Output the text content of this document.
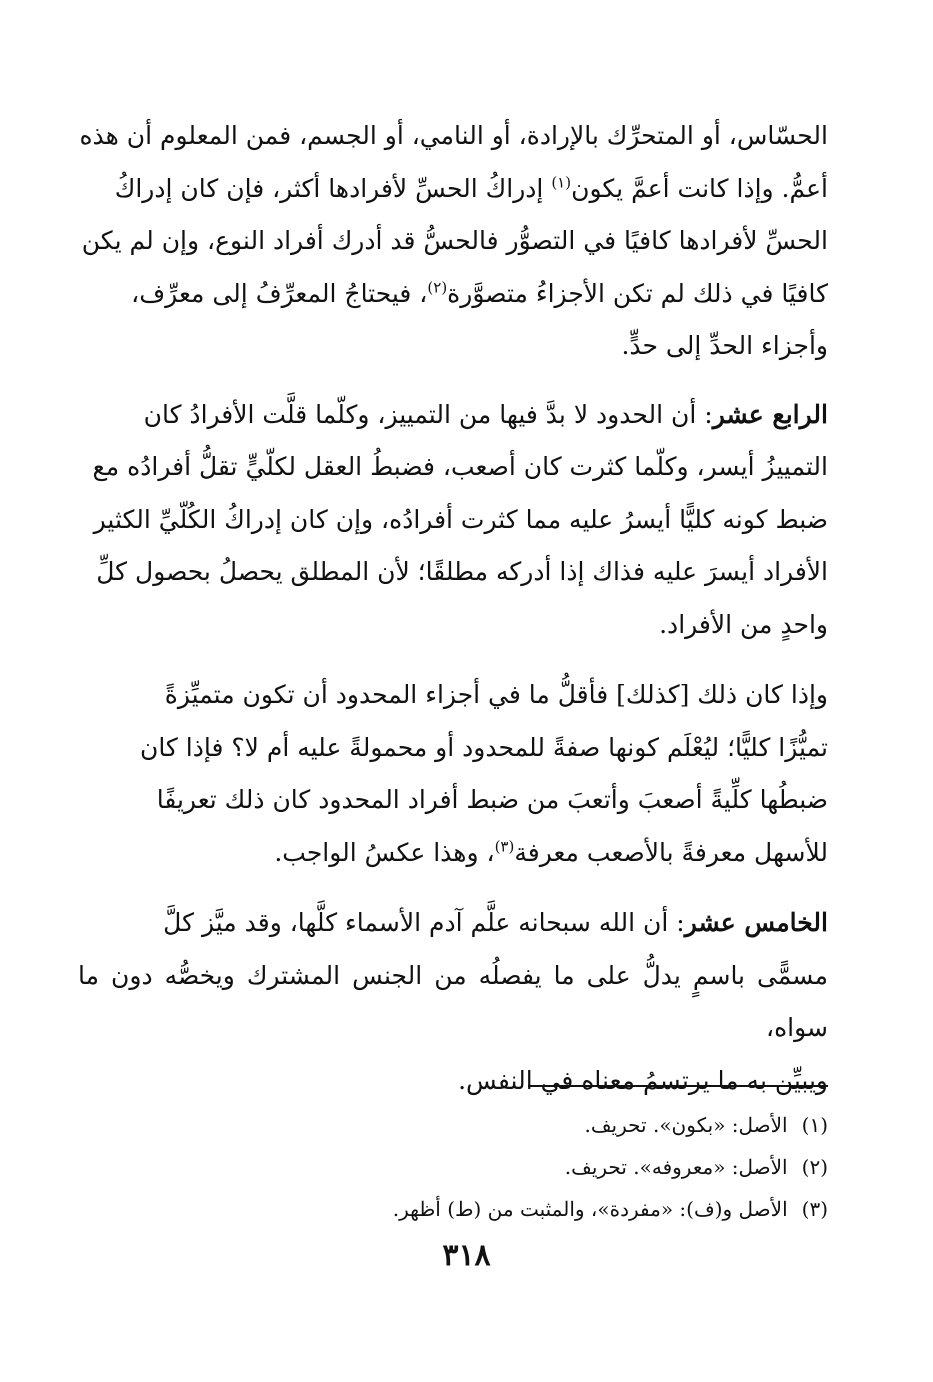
الحسّاس، أو المتحرِّك بالإرادة، أو النامي، أو الجسم، فمن المعلوم أن هذه
أعمُّ. وإذا كانت أعمَّ يكون$^{(١)}$ إدراكُ الحسِّ لأفرادها أكثر، فإن كان إدراكُ
الحسِّ لأفرادها كافيًا في التصوُّر فالحسُّ قد أدرك أفراد النوع، وإن لم يكن
كافيًا في ذلك لم تكن الأجزاءُ متصوَّرة$^{(٢)}$، فيحتاجُ المعرِّفُ إلى معرِّف،
وأجزاء الحدِّ إلى حدٍّ.

الرابع عشر: أن الحدود لا بدَّ فيها من التمييز، وكلّما قلَّت الأفرادُ كان
التمييزُ أيسر، وكلّما كثرت كان أصعب، فضبطُ العقل لكلّيٍّ تقلُّ أفرادُه مع
ضبط كونه كليًّا أيسرُ عليه مما كثرت أفرادُه، وإن كان إدراكُ الكُلّيِّ الكثير
الأفراد أيسرَ عليه فذاك إذا أدركه مطلقًا؛ لأن المطلق يحصلُ بحصول كلِّ
واحدٍ من الأفراد.

وإذا كان ذلك [كذلك] فأقلُّ ما في أجزاء المحدود أن تكون متميِّزةً
تميُّزًا كليًّا؛ ليُعْلَم كونها صفةً للمحدود أو محمولةً عليه أم لا؟ فإذا كان
ضبطُها كلِّيةً أصعبَ وأتعبَ من ضبط أفراد المحدود كان ذلك تعريفًا
للأسهل معرفةً بالأصعب معرفة$^{(٣)}$، وهذا عكسُ الواجب.

الخامس عشر: أن الله سبحانه علَّم آدم الأسماء كلَّها، وقد ميَّز كلَّ
مسمًّى باسمٍ يدلُّ على ما يفصلُه من الجنس المشترك ويخصُّه دون ما سواه،
ويبيِّن به ما يرتسمُ معناه في النفس.

(١)الأصل: «بكون». تحريف.
(٢)الأصل: «معروفه». تحريف.
(٣)الأصل و(ف): «مفردة»، والمثبت من (ط) أظهر.
٣١٨
